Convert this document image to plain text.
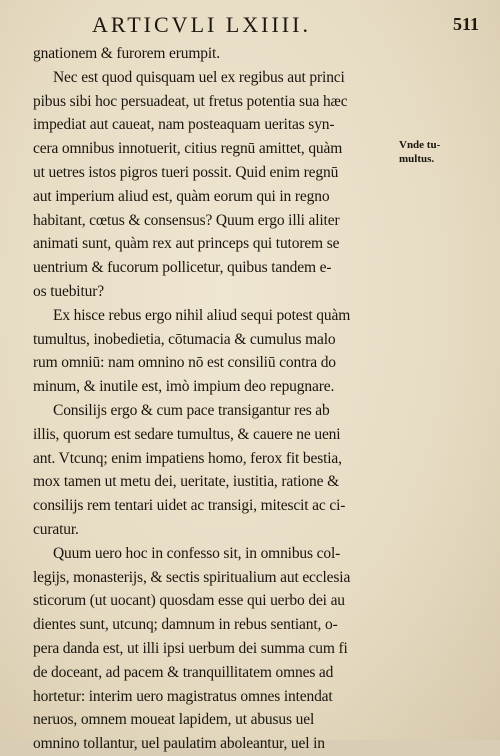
ARTICVLI LXIIII.	511
gnationem & furorem erumpit.
Nec est quod quisquam uel ex regibus aut princi
pibus sibi hoc persuadeat, ut fretus potentia sua hæc
impediat aut caueat, nam posteaquam ueritas syn-
cera omnibus innotuerit, citius regnū amittet, quàm
ut uetres istos pigros tueri possit. Quid enim regnū
aut imperium aliud est, quàm eorum qui in regno
habitant, cœtus & consensus? Quum ergo illi aliter
animati sunt, quàm rex aut princeps qui tutorem se
uentrium & fucorum pollicetur, quibus tandem e-
os tuebitur?
Ex hisce rebus ergo nihil aliud sequi potest quàm
tumultus, inobedietia, cōtumacia & cumulus malo
rum omniū: nam omnino nō est consiliū contra do
minum, & inutile est, imò impium deo repugnare.
Consilijs ergo & cum pace transigantur res ab
illis, quorum est sedare tumultus, & cauere ne ueni
ant. Vtcunq; enim impatiens homo, ferox fit bestia,
mox tamen ut metu dei, ueritate, iustitia, ratione &
consilijs rem tentari uidet ac transigi, mitescit ac ci-
curatur.
Quum uero hoc in confesso sit, in omnibus col-
legijs, monasterijs, & sectis spiritualium aut ecclesia
sticorum (ut uocant) quosdam esse qui uerbo dei au
dientes sunt, utcunq; damnum in rebus sentiant, o-
pera danda est, ut illi ipsi uerbum dei summa cum fi
de doceant, ad pacem & tranquillitatem omnes ad
hortetur: interim uero magistratus omnes intendat
neruos, omnem moueat lapidem, ut abusus uel
omnino tollantur, uel paulatim aboleantur, uel in
Vnde tu-
multus.
